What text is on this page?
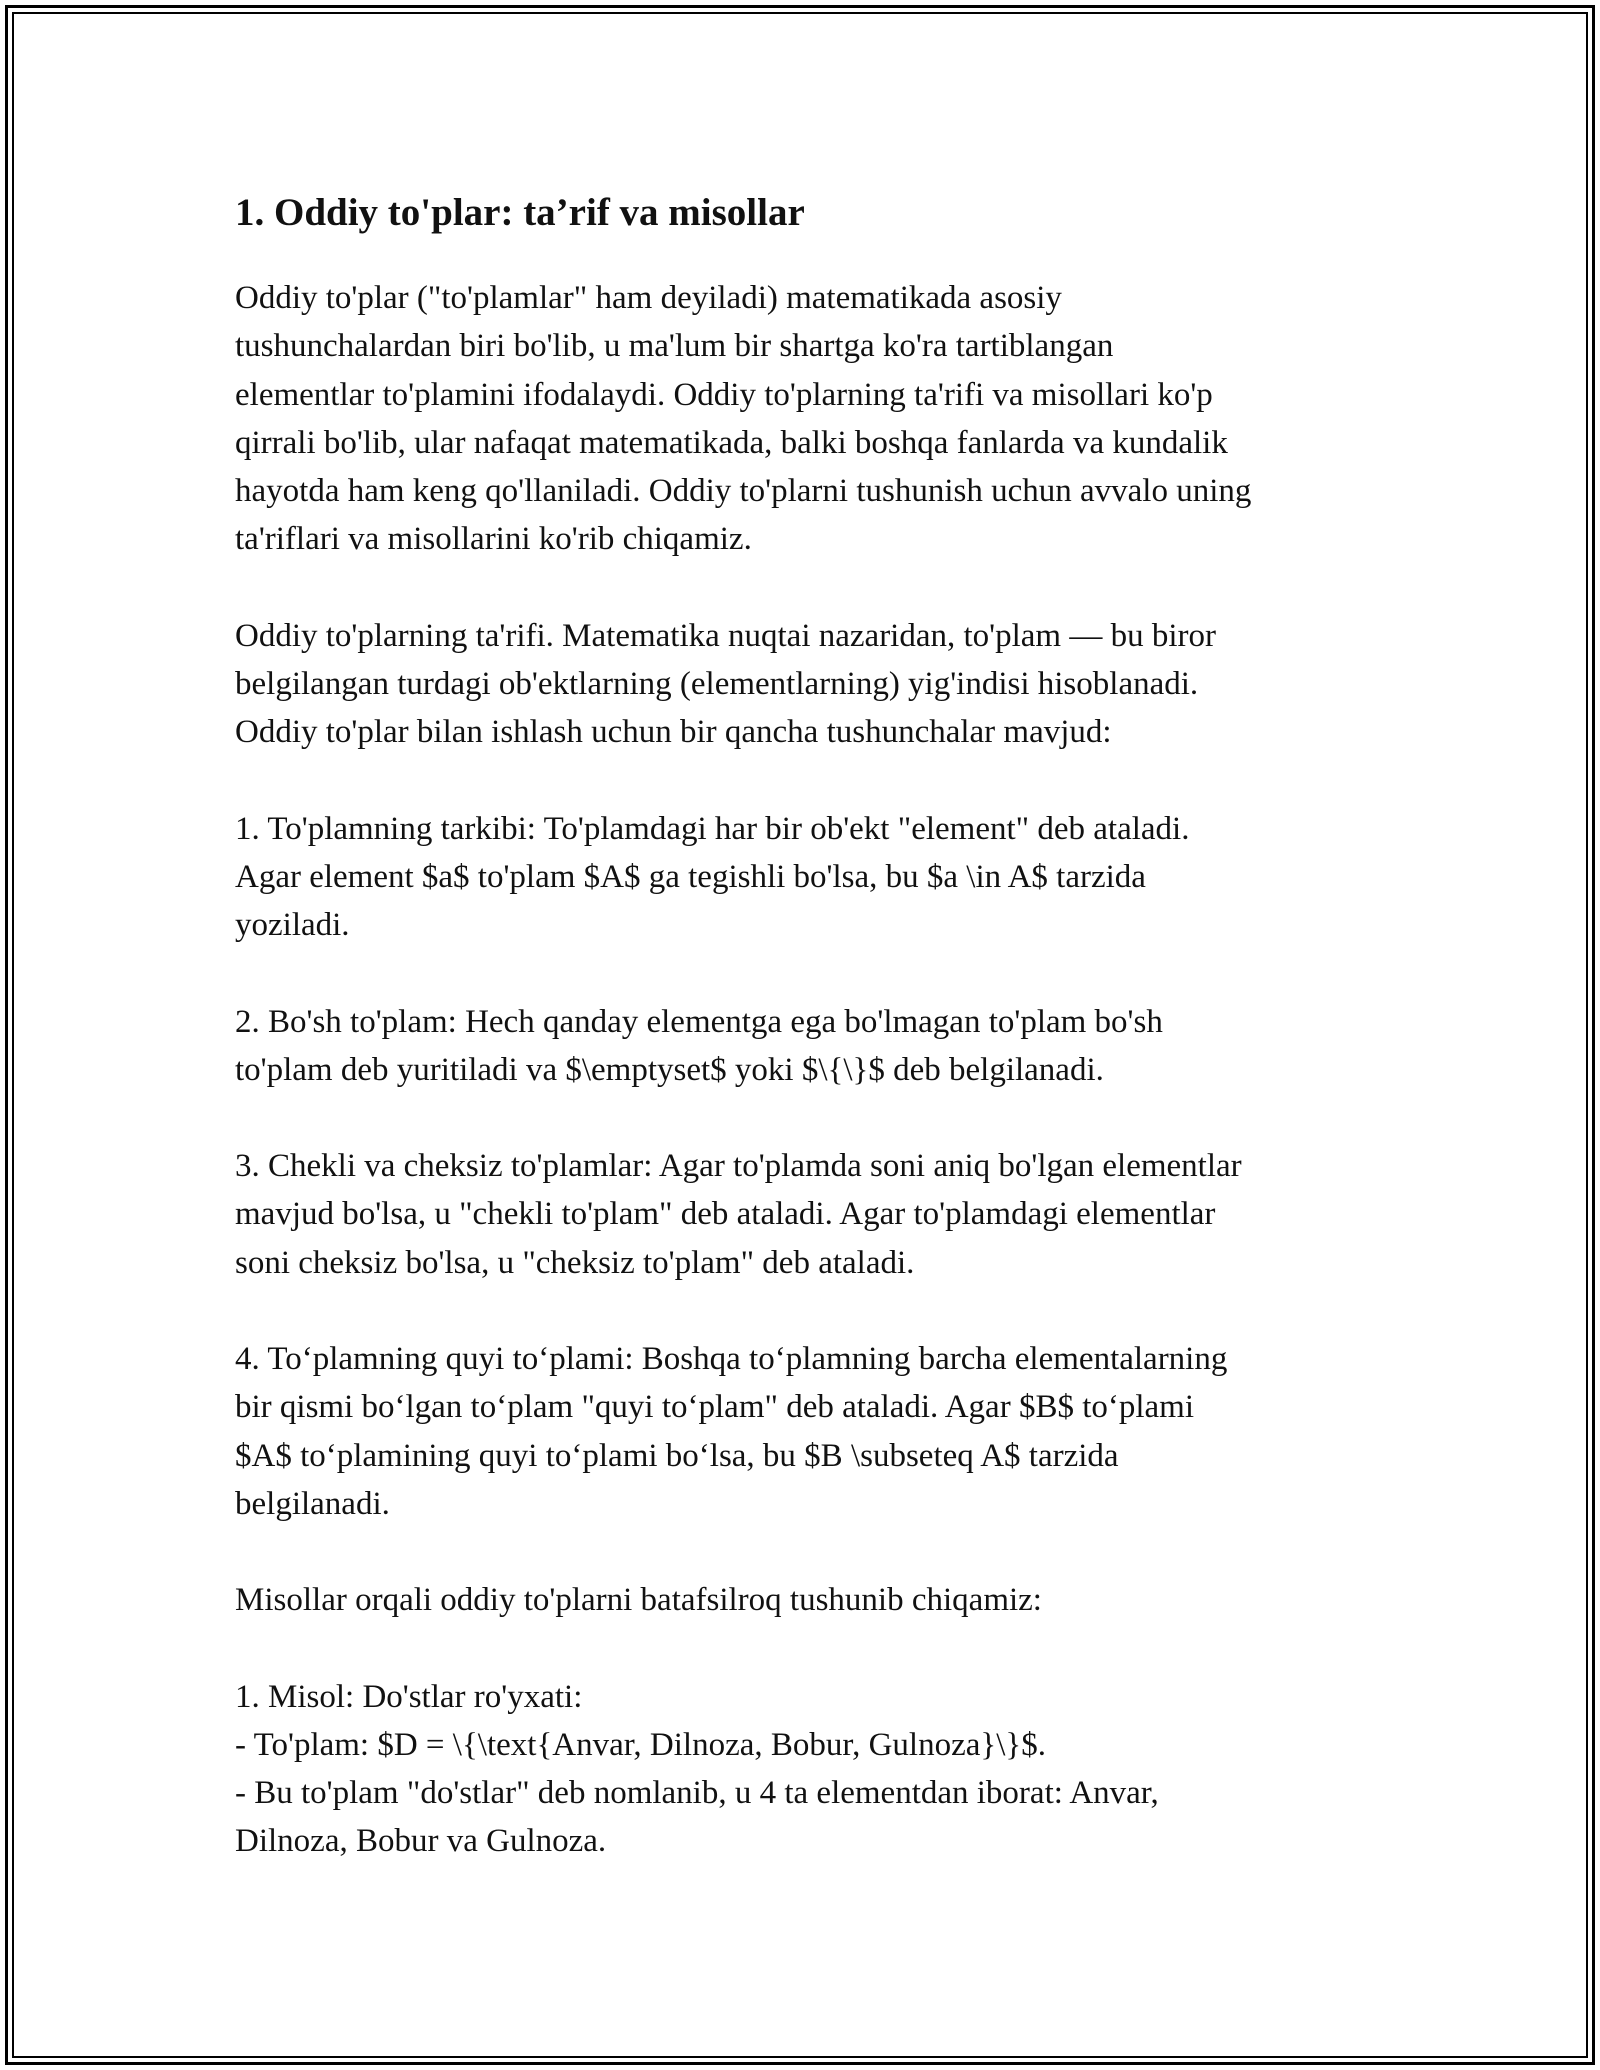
1. Oddiy to'plar: ta’rif va misollar

Oddiy to'plar ("to'plamlar" ham deyiladi) matematikada asosiy
tushunchalardan biri bo'lib, u ma'lum bir shartga ko'ra tartiblangan
elementlar to'plamini ifodalaydi. Oddiy to'plarning ta'rifi va misollari ko'p
qirrali bo'lib, ular nafaqat matematikada, balki boshqa fanlarda va kundalik
hayotda ham keng qo'llaniladi. Oddiy to'plarni tushunish uchun avvalo uning
ta'riflari va misollarini ko'rib chiqamiz.

Oddiy to'plarning ta'rifi. Matematika nuqtai nazaridan, to'plam — bu biror
belgilangan turdagi ob'ektlarning (elementlarning) yig'indisi hisoblanadi.
Oddiy to'plar bilan ishlash uchun bir qancha tushunchalar mavjud:

1. To'plamning tarkibi: To'plamdagi har bir ob'ekt "element" deb ataladi.
Agar element $a$ to'plam $A$ ga tegishli bo'lsa, bu $a \in A$ tarzida
yoziladi.

2. Bo'sh to'plam: Hech qanday elementga ega bo'lmagan to'plam bo'sh
to'plam deb yuritiladi va $\emptyset$ yoki $\{\}$ deb belgilanadi.

3. Chekli va cheksiz to'plamlar: Agar to'plamda soni aniq bo'lgan elementlar
mavjud bo'lsa, u "chekli to'plam" deb ataladi. Agar to'plamdagi elementlar
soni cheksiz bo'lsa, u "cheksiz to'plam" deb ataladi.

4. To‘plamning quyi to‘plami: Boshqa to‘plamning barcha elementalarning
bir qismi bo‘lgan to‘plam "quyi to‘plam" deb ataladi. Agar $B$ to‘plami
$A$ to‘plamining quyi to‘plami bo‘lsa, bu $B \subseteq A$ tarzida
belgilanadi.

Misollar orqali oddiy to'plarni batafsilroq tushunib chiqamiz:

1. Misol: Do'stlar ro'yxati:
- To'plam: $D = \{\text{Anvar, Dilnoza, Bobur, Gulnoza}\}$.
- Bu to'plam "do'stlar" deb nomlanib, u 4 ta elementdan iborat: Anvar,
Dilnoza, Bobur va Gulnoza.
